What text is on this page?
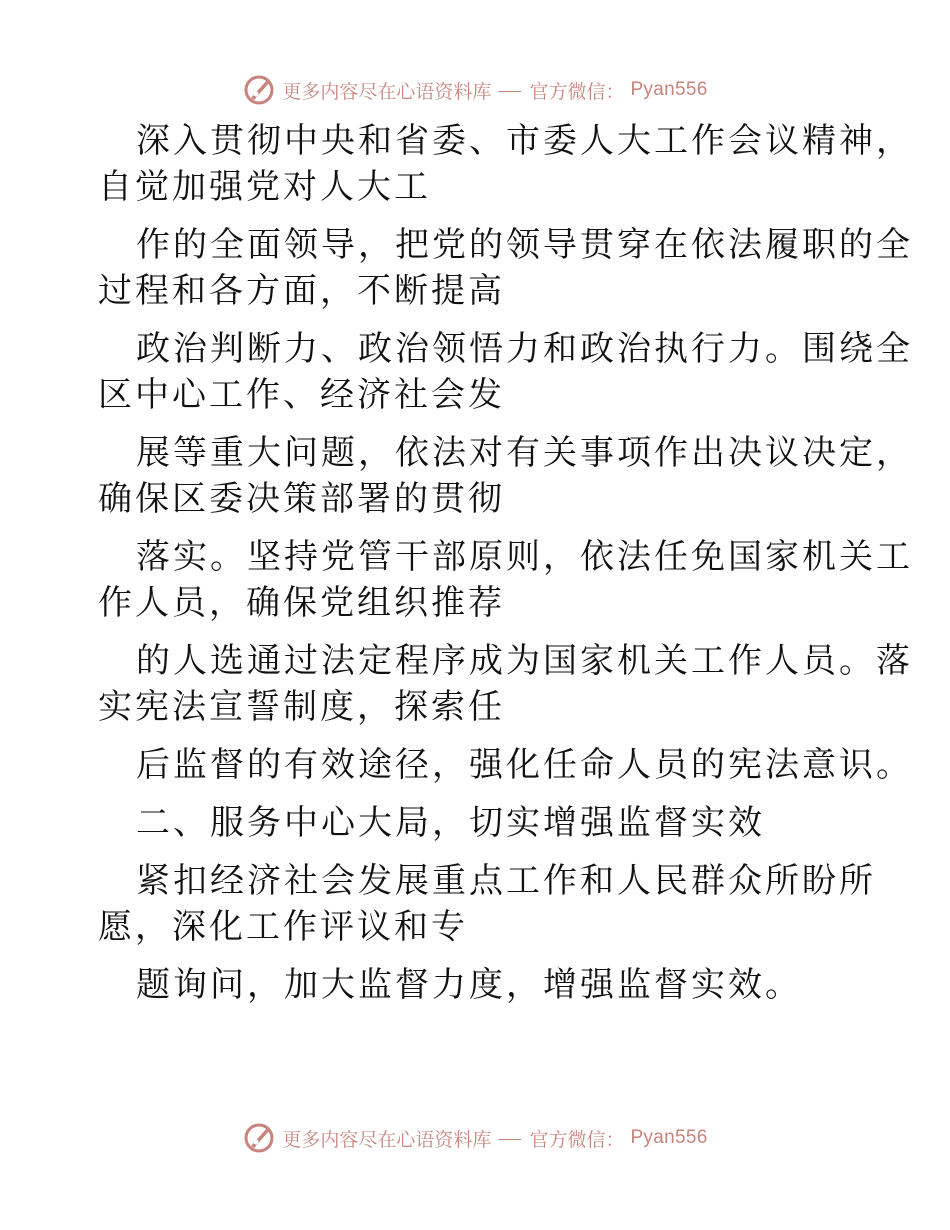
更多内容尽在心语资料库 官方微信： Pyan556
深入贯彻中央和省委、市委人大工作会议精神，
自觉加强党对人大工
作的全面领导，把党的领导贯穿在依法履职的全
过程和各方面，不断提高
政治判断力、政治领悟力和政治执行力。围绕全
区中心工作、经济社会发
展等重大问题，依法对有关事项作出决议决定，
确保区委决策部署的贯彻
落实。坚持党管干部原则，依法任免国家机关工
作人员，确保党组织推荐
的人选通过法定程序成为国家机关工作人员。落
实宪法宣誓制度，探索任
后监督的有效途径，强化任命人员的宪法意识。
二、服务中心大局，切实增强监督实效
紧扣经济社会发展重点工作和人民群众所盼所
愿，深化工作评议和专
题询问，加大监督力度，增强监督实效。
更多内容尽在心语资料库 官方微信： Pyan556
